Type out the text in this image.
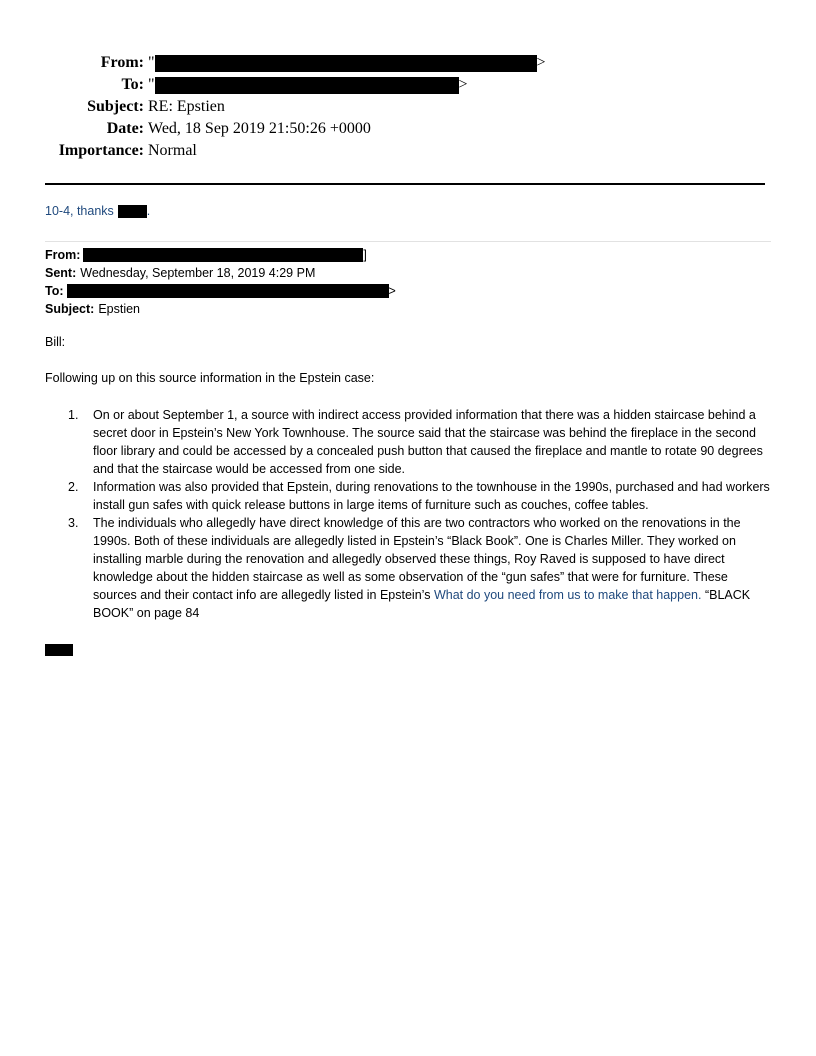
From: "	>
To: "	>
Subject: RE: Epstien
Date: Wed, 18 Sep 2019 21:50:26 +0000
Importance: Normal
10-4, thanks	.
From:	]
Sent: Wednesday, September 18, 2019 4:29 PM
To:	>
Subject: Epstien
Bill:
Following up on this source information in the Epstein case:
1.	On or about September 1, a source with indirect access provided information that there was a hidden staircase behind a secret door in Epstein’s New York Townhouse. The source said that the staircase was behind the fireplace in the second floor library and could be accessed by a concealed push button that caused the fireplace and mantle to rotate 90 degrees and that the staircase would be accessed from one side.
2.	Information was also provided that Epstein, during renovations to the townhouse in the 1990s, purchased and had workers install gun safes with quick release buttons in large items of furniture such as couches, coffee tables.
3.	The individuals who allegedly have direct knowledge of this are two contractors who worked on the renovations in the 1990s. Both of these individuals are allegedly listed in Epstein’s “Black Book”. One is Charles Miller. They worked on installing marble during the renovation and allegedly observed these things, Roy Raved is supposed to have direct knowledge about the hidden staircase as well as some observation of the “gun safes” that were for furniture. These sources and their contact info are allegedly listed in Epstein’s What do you need from us to make that happen. “BLACK BOOK” on page 84
